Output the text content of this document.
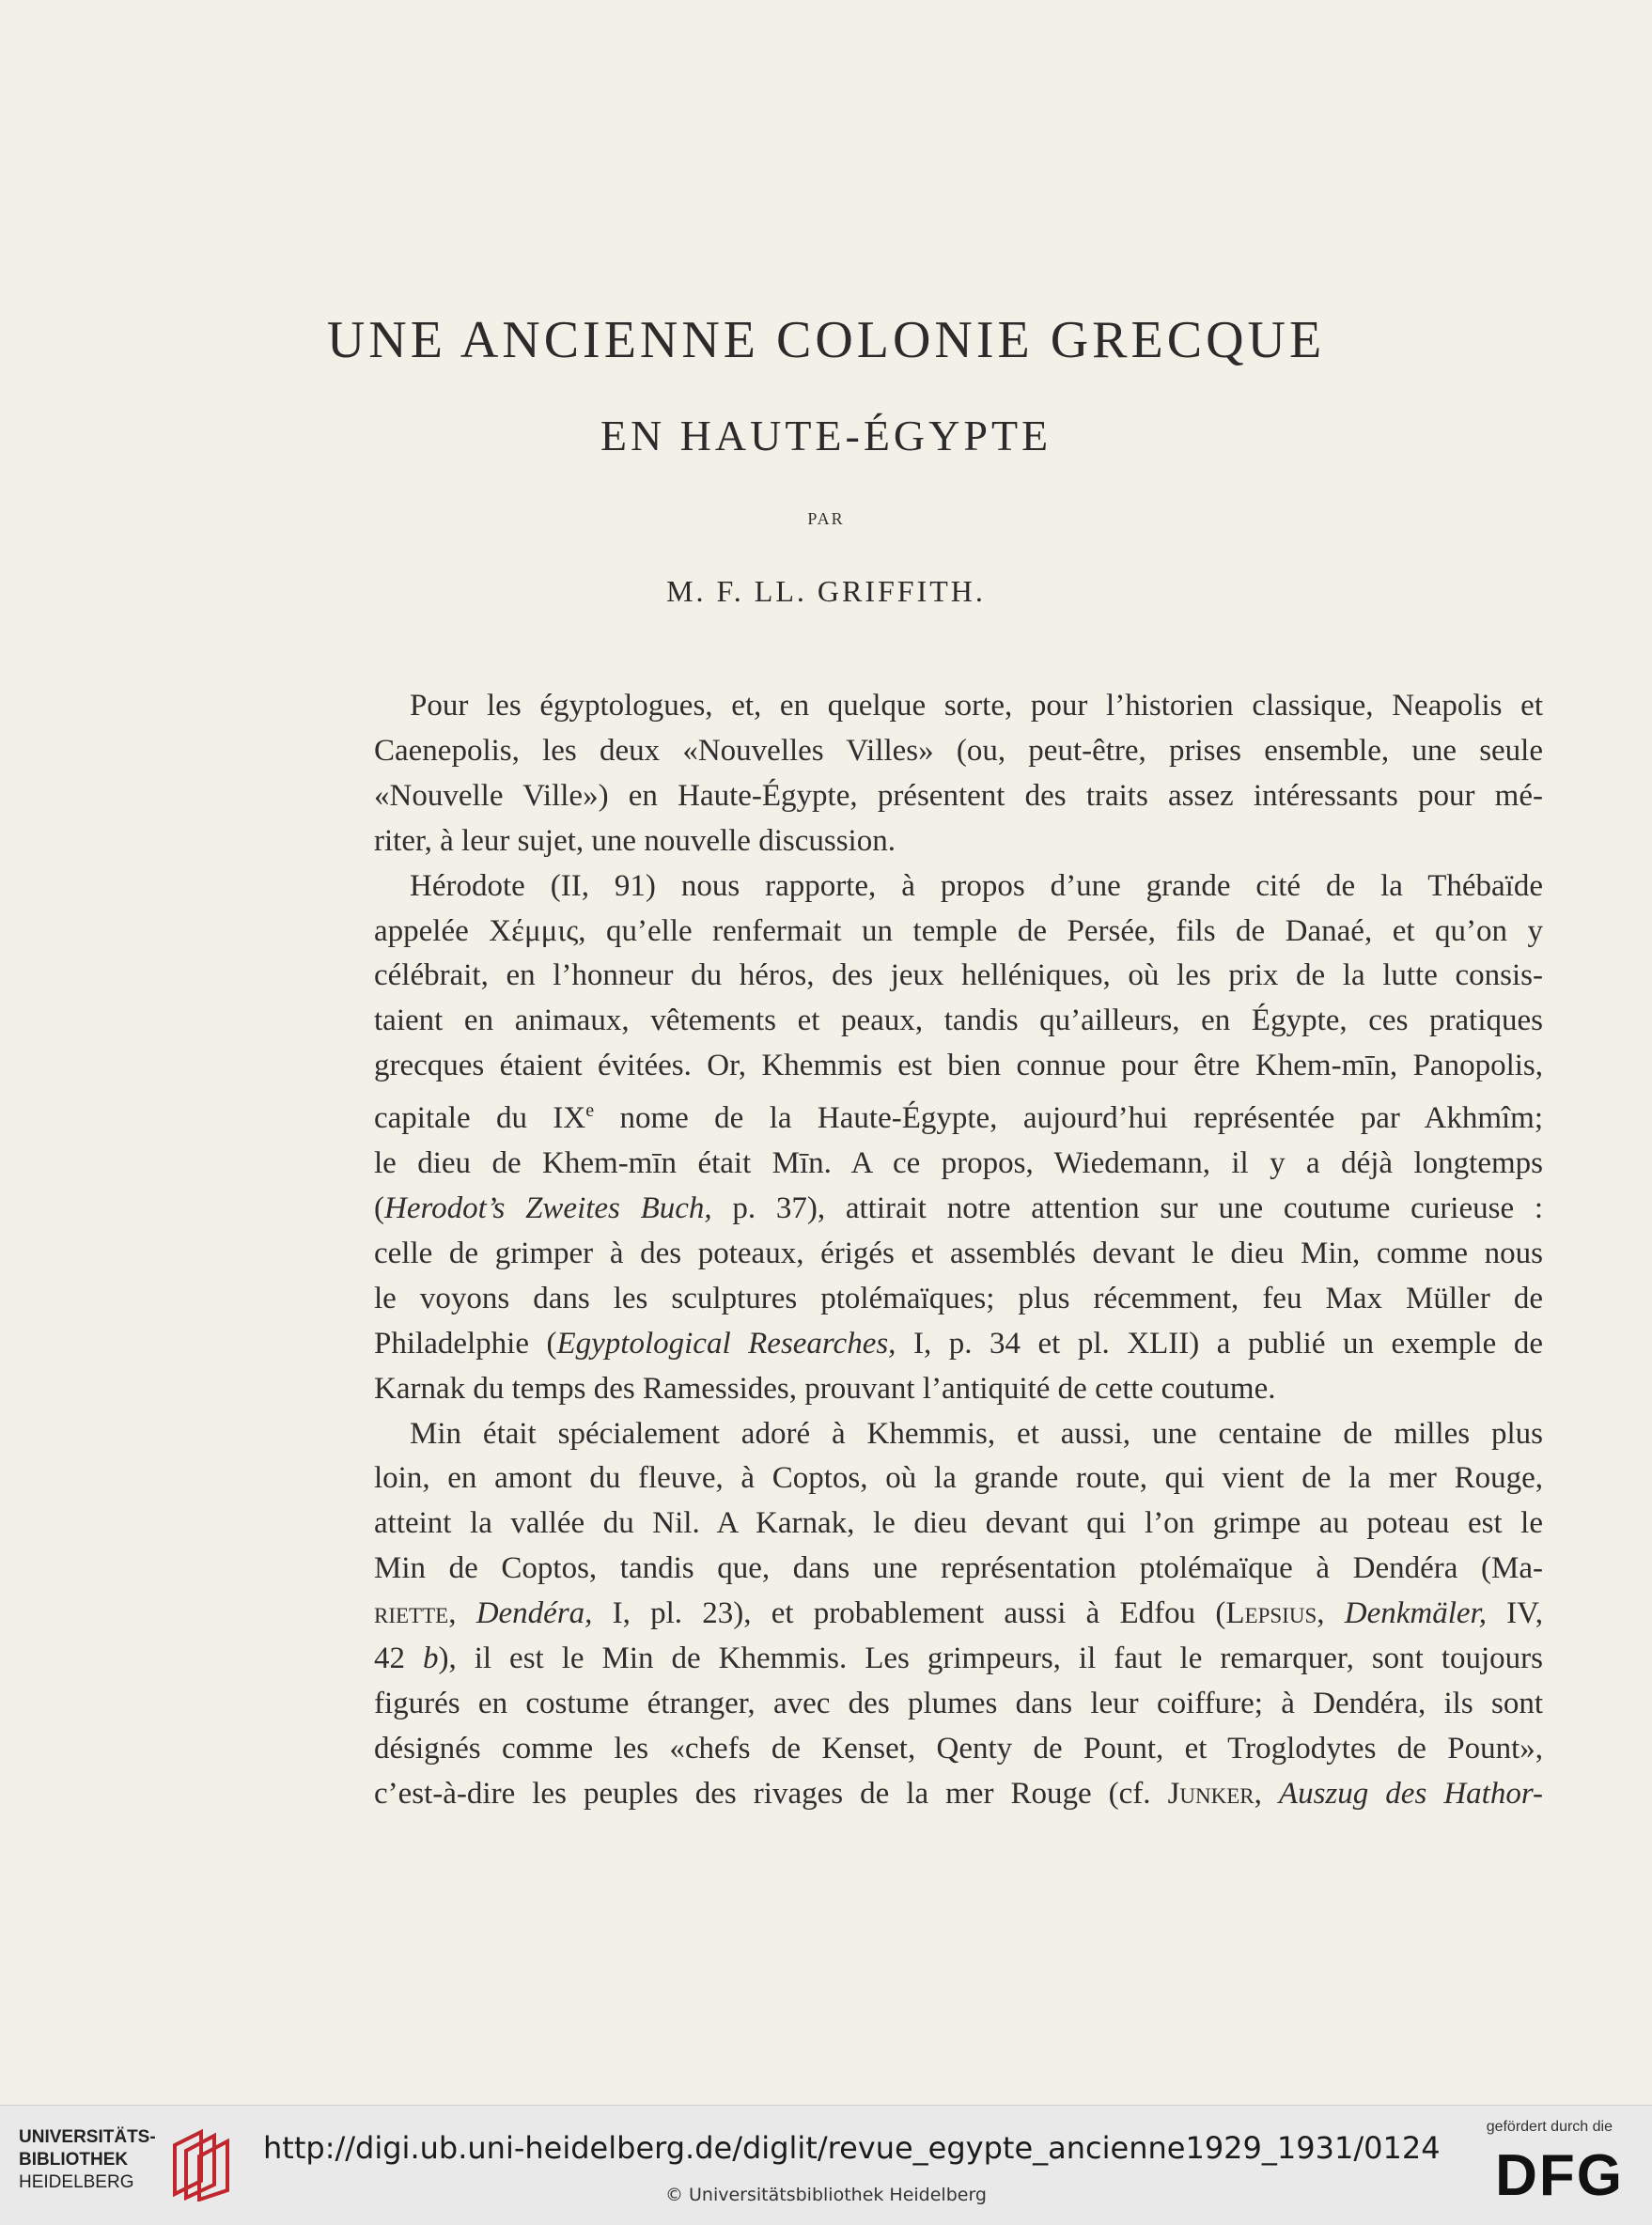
UNE ANCIENNE COLONIE GRECQUE
EN HAUTE-ÉGYPTE
PAR
M. F. LL. GRIFFITH.
Pour les égyptologues, et, en quelque sorte, pour l’historien classique, Neapolis et
Caenepolis, les deux «Nouvelles Villes» (ou, peut-être, prises ensemble, une seule
«Nouvelle Ville») en Haute-Égypte, présentent des traits assez intéressants pour mé-
riter, à leur sujet, une nouvelle discussion.
Hérodote (II, 91) nous rapporte, à propos d’une grande cité de la Thébaïde
appelée Χέμμις, qu’elle renfermait un temple de Persée, fils de Danaé, et qu’on y
célébrait, en l’honneur du héros, des jeux helléniques, où les prix de la lutte consis-
taient en animaux, vêtements et peaux, tandis qu’ailleurs, en Égypte, ces pratiques
grecques étaient évitées. Or, Khemmis est bien connue pour être Khem-mīn, Panopolis,
capitale du IXe nome de la Haute-Égypte, aujourd’hui représentée par Akhmîm;
le dieu de Khem-mīn était Mīn. A ce propos, Wiedemann, il y a déjà longtemps
(Herodot’s Zweites Buch, p. 37), attirait notre attention sur une coutume curieuse :
celle de grimper à des poteaux, érigés et assemblés devant le dieu Min, comme nous
le voyons dans les sculptures ptolémaïques; plus récemment, feu Max Müller de
Philadelphie (Egyptological Researches, I, p. 34 et pl. XLII) a publié un exemple de
Karnak du temps des Ramessides, prouvant l’antiquité de cette coutume.
Min était spécialement adoré à Khemmis, et aussi, une centaine de milles plus
loin, en amont du fleuve, à Coptos, où la grande route, qui vient de la mer Rouge,
atteint la vallée du Nil. A Karnak, le dieu devant qui l’on grimpe au poteau est le
Min de Coptos, tandis que, dans une représentation ptolémaïque à Dendéra (Ma-
riette, Dendéra, I, pl. 23), et probablement aussi à Edfou (Lepsius, Denkmäler, IV,
42 b), il est le Min de Khemmis. Les grimpeurs, il faut le remarquer, sont toujours
figurés en costume étranger, avec des plumes dans leur coiffure; à Dendéra, ils sont
désignés comme les «chefs de Kenset, Qenty de Pount, et Troglodytes de Pount»,
c’est-à-dire les peuples des rivages de la mer Rouge (cf. Junker, Auszug des Hathor-
UNIVERSITÄTS-
BIBLIOTHEK
HEIDELBERG
http://digi.ub.uni-heidelberg.de/diglit/revue_egypte_ancienne1929_1931/0124
© Universitätsbibliothek Heidelberg
gefördert durch die
DFG
